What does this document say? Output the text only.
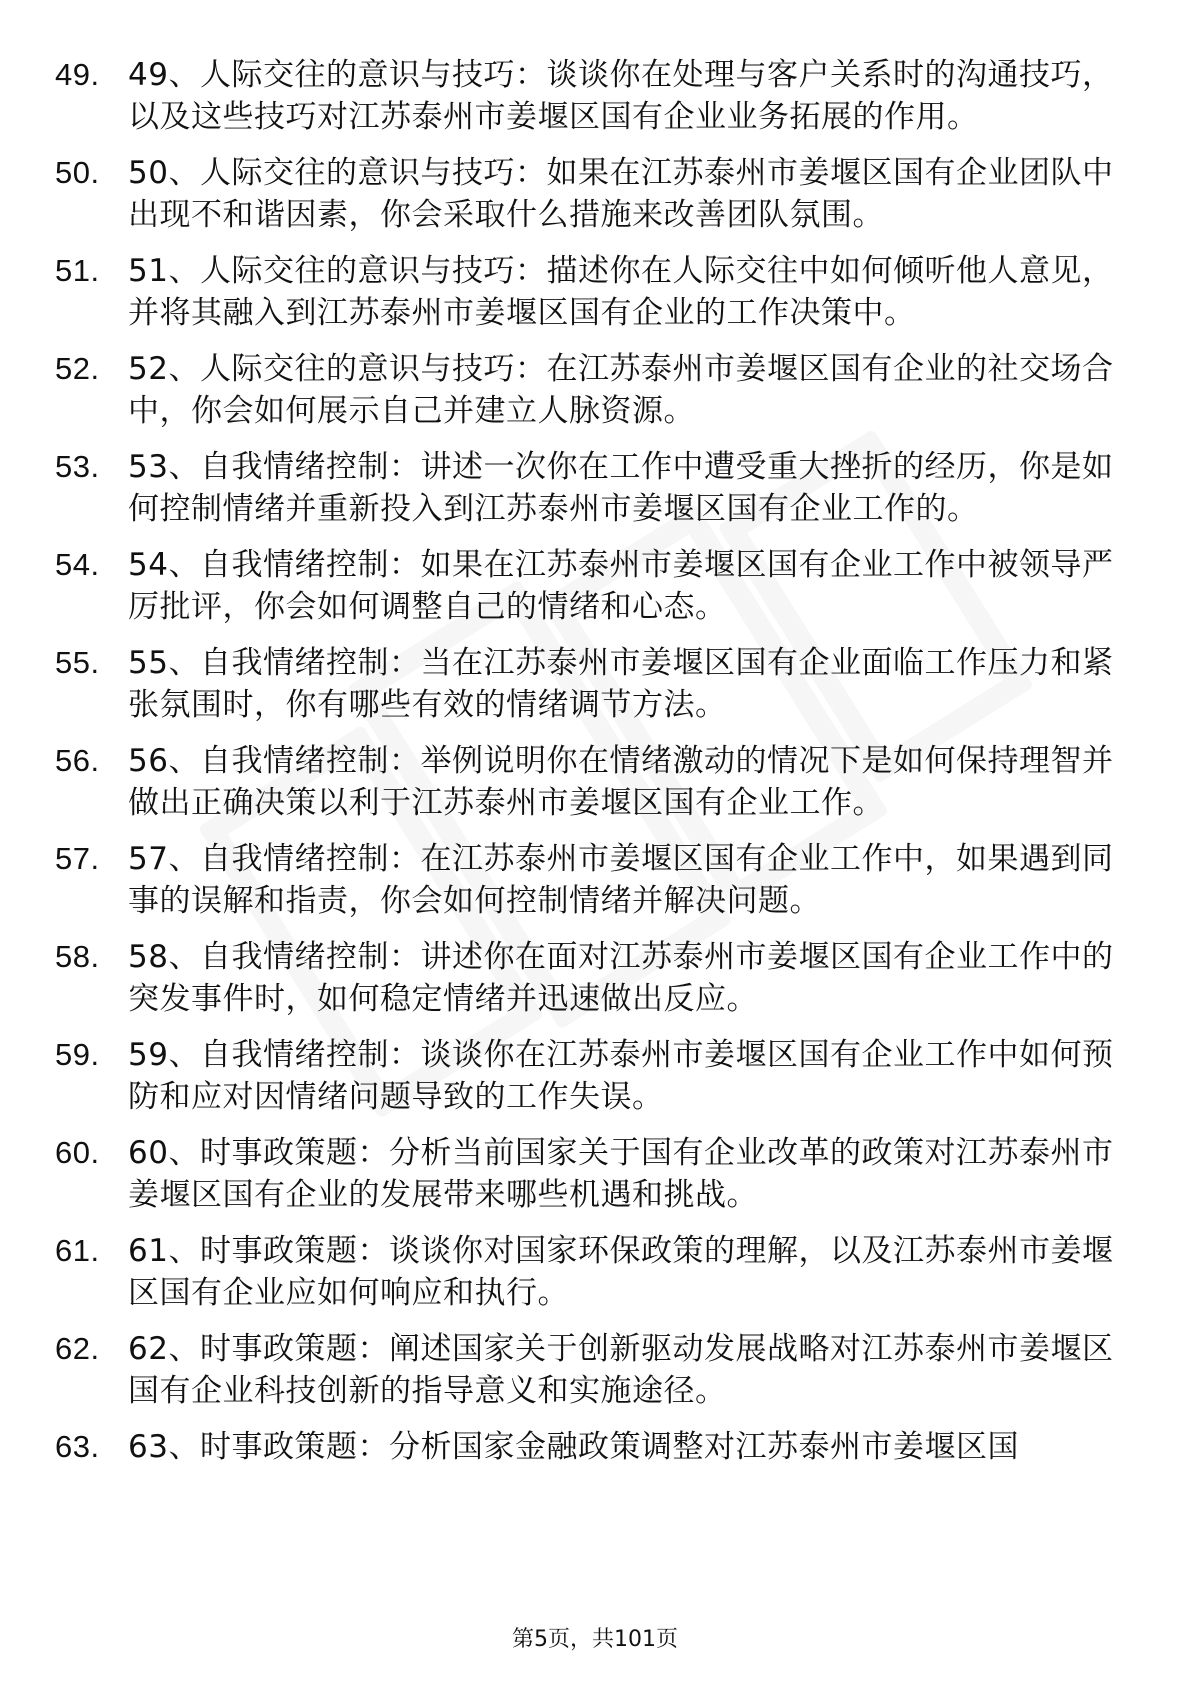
49. 49、人际交往的意识与技巧：谈谈你在处理与客户关系时的沟通技巧，以及这些技巧对江苏泰州市姜堰区国有企业业务拓展的作用。
50. 50、人际交往的意识与技巧：如果在江苏泰州市姜堰区国有企业团队中出现不和谐因素，你会采取什么措施来改善团队氛围。
51. 51、人际交往的意识与技巧：描述你在人际交往中如何倾听他人意见，并将其融入到江苏泰州市姜堰区国有企业的工作决策中。
52. 52、人际交往的意识与技巧：在江苏泰州市姜堰区国有企业的社交场合中，你会如何展示自己并建立人脉资源。
53. 53、自我情绪控制：讲述一次你在工作中遭受重大挫折的经历，你是如何控制情绪并重新投入到江苏泰州市姜堰区国有企业工作的。
54. 54、自我情绪控制：如果在江苏泰州市姜堰区国有企业工作中被领导严厉批评，你会如何调整自己的情绪和心态。
55. 55、自我情绪控制：当在江苏泰州市姜堰区国有企业面临工作压力和紧张氛围时，你有哪些有效的情绪调节方法。
56. 56、自我情绪控制：举例说明你在情绪激动的情况下是如何保持理智并做出正确决策以利于江苏泰州市姜堰区国有企业工作。
57. 57、自我情绪控制：在江苏泰州市姜堰区国有企业工作中，如果遇到同事的误解和指责，你会如何控制情绪并解决问题。
58. 58、自我情绪控制：讲述你在面对江苏泰州市姜堰区国有企业工作中的突发事件时，如何稳定情绪并迅速做出反应。
59. 59、自我情绪控制：谈谈你在江苏泰州市姜堰区国有企业工作中如何预防和应对因情绪问题导致的工作失误。
60. 60、时事政策题：分析当前国家关于国有企业改革的政策对江苏泰州市姜堰区国有企业的发展带来哪些机遇和挑战。
61. 61、时事政策题：谈谈你对国家环保政策的理解，以及江苏泰州市姜堰区国有企业应如何响应和执行。
62. 62、时事政策题：阐述国家关于创新驱动发展战略对江苏泰州市姜堰区国有企业科技创新的指导意义和实施途径。
63. 63、时事政策题：分析国家金融政策调整对江苏泰州市姜堰区国
第5页，共101页
